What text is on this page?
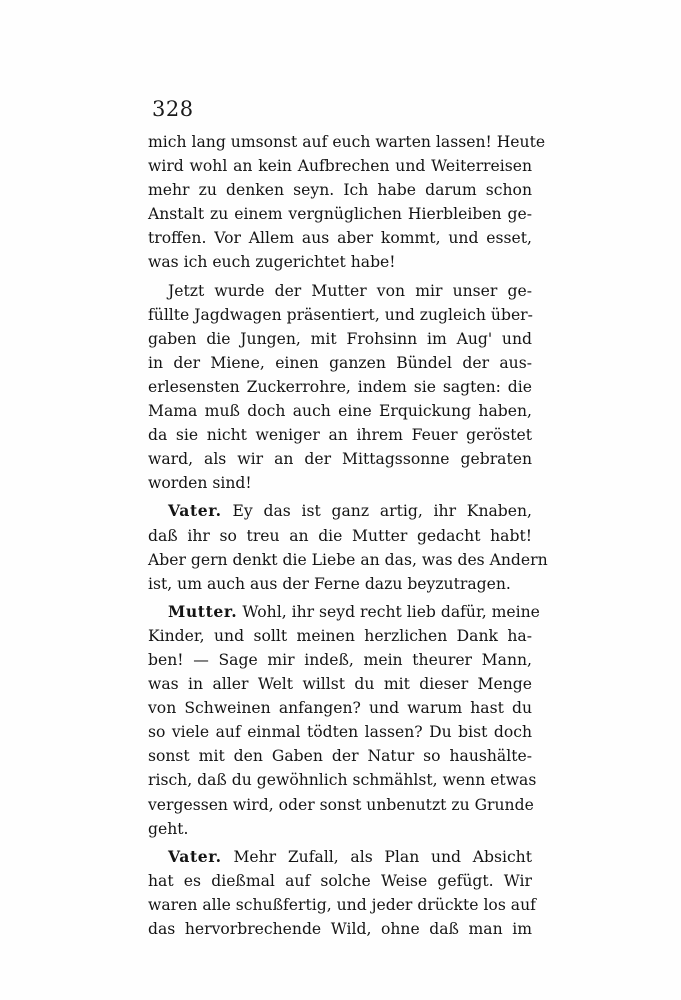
328
mich lang umsonst auf euch warten lassen! Heute
wird wohl an kein Aufbrechen und Weiterreisen
mehr zu denken seyn. Ich habe darum schon
Anstalt zu einem vergnüglichen Hierbleiben ge-
troffen. Vor Allem aus aber kommt, und esset,
was ich euch zugerichtet habe!
Jetzt wurde der Mutter von mir unser ge-
füllte Jagdwagen präsentiert, und zugleich über-
gaben die Jungen, mit Frohsinn im Aug' und
in der Miene, einen ganzen Bündel der aus-
erlesensten Zuckerrohre, indem sie sagten: die
Mama muß doch auch eine Erquickung haben,
da sie nicht weniger an ihrem Feuer geröstet
ward, als wir an der Mittagssonne gebraten
worden sind!
Vater. Ey das ist ganz artig, ihr Knaben,
daß ihr so treu an die Mutter gedacht habt!
Aber gern denkt die Liebe an das, was des Andern
ist, um auch aus der Ferne dazu beyzutragen.
Mutter. Wohl, ihr seyd recht lieb dafür, meine
Kinder, und sollt meinen herzlichen Dank ha-
ben! — Sage mir indeß, mein theurer Mann,
was in aller Welt willst du mit dieser Menge
von Schweinen anfangen? und warum hast du
so viele auf einmal tödten lassen? Du bist doch
sonst mit den Gaben der Natur so haushälte-
risch, daß du gewöhnlich schmählst, wenn etwas
vergessen wird, oder sonst unbenutzt zu Grunde
geht.
Vater. Mehr Zufall, als Plan und Absicht
hat es dießmal auf solche Weise gefügt. Wir
waren alle schußfertig, und jeder drückte los auf
das hervorbrechende Wild, ohne daß man im
